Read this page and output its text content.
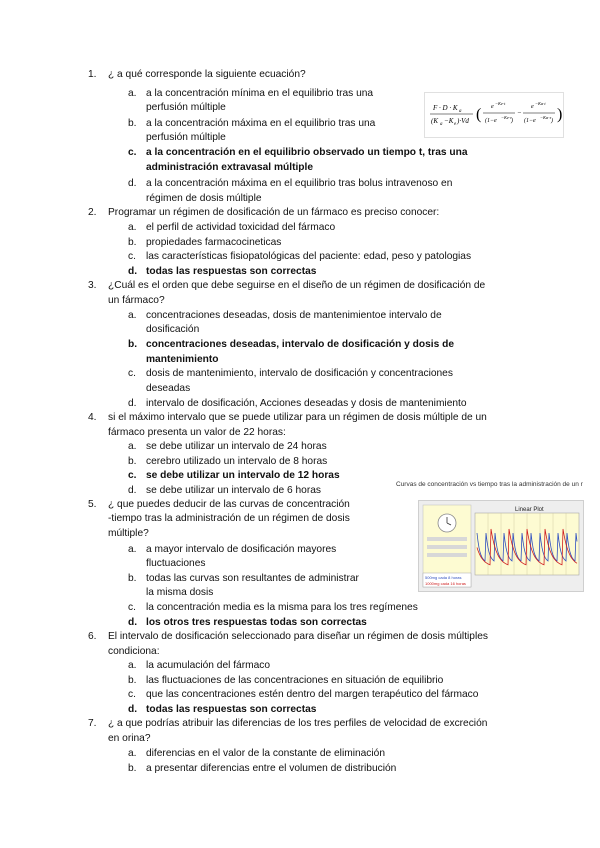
1. ¿ a qué corresponde la siguiente ecuación?
a. a la concentración mínima en el equilibrio tras una
perfusión múltiple
b. a la concentración máxima en el equilibrio tras una
perfusión múltiple
c. a la concentración en el equilibrio observado un tiempo t, tras una
administración extravasal múltiple
d. a la concentración máxima en el equilibrio tras bolus intravenoso en
régimen de dosis múltiple
2. Programar un régimen de dosificación de un fármaco es preciso conocer:
a. el perfil de actividad toxicidad del fármaco
b. propiedades farmacocineticas
c. las características fisiopatológicas del paciente: edad, peso y patologias
d. todas las respuestas son correctas
3. ¿Cuál es el orden que debe seguirse en el diseño de un régimen de dosificación de
un fármaco?
a. concentraciones deseadas, dosis de mantenimientoe intervalo de
dosificación
b. concentraciones deseadas, intervalo de dosificación y dosis de
mantenimiento
c. dosis de mantenimiento, intervalo de dosificación y concentraciones
deseadas
d. intervalo de dosificación, Acciones deseadas y dosis de mantenimiento
4. si el máximo intervalo que se puede utilizar para un régimen de dosis múltiple de un
fármaco presenta un valor de 22 horas:
a. se debe utilizar un intervalo de 24 horas
b. cerebro utilizado un intervalo de 8 horas
c. se debe utilizar un intervalo de 12 horas
d. se debe utilizar un intervalo de 6 horas
5. ¿ que puedes deducir de las curvas de concentración
-tiempo tras la administración de un régimen de dosis
múltiple?
a. a mayor intervalo de dosificación mayores
fluctuaciones
b. todas las curvas son resultantes de administrar
la misma dosis
c. la concentración media es la misma para los tres regímenes
d. los otros tres respuestas todas son correctas
6. El intervalo de dosificación seleccionado para diseñar un régimen de dosis múltiples
condiciona:
a. la acumulación del fármaco
b. las fluctuaciones de las concentraciones en situación de equilibrio
c. que las concentraciones estén dentro del margen terapéutico del fármaco
d. todas las respuestas son correctas
7. ¿ a que podrías atribuir las diferencias de los tres perfiles de velocidad de excreción
en orina?
a. diferencias en el valor de la constante de eliminación
b. a presentar diferencias entre el volumen de distribución
F · D · K a
(K a −K e )·Vd (	)
e
−Ke·t
(1−e
−Ke·τ
)
−
e
−Ka·t
(1−e
−Ka·τ
)
Curvas de concentración vs tiempo tras la administración de un r
Linear Plot
500mg cada 8 horas
1000mg cada 16 horas
